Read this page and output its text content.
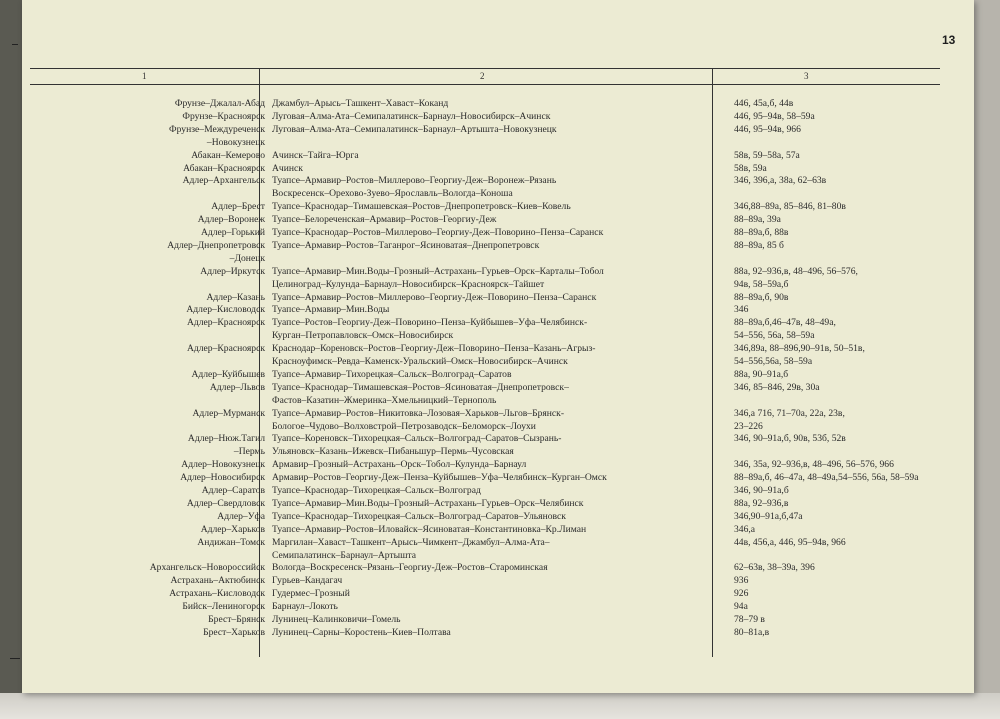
13
1	2	3
Фрунзе–Джалал-Абад Джамбул–Арысь–Ташкент–Хаваст–Коканд	446, 45а,б, 44в
Фрунзе–Красноярск Луговая–Алма-Ата–Семипалатинск–Барнаул–Новосибирск–Ачинск	446, 95–94в, 58–59а
Фрунзе–Междуреченск Луговая–Алма-Ата–Семипалатинск–Барнаул–Артышта–Новокузнецк	446, 95–94в, 966
–Новокузнецк
Абакан–Кемерово Ачинск–Тайга–Юрга	58в, 59–58а, 57а
Абакан–Красноярск Ачинск	58в, 59а
Адлер–Архангельск Туапсе–Армавир–Ростов–Миллерово–Георгиу-Деж–Воронеж–Рязань	346, 396,а, 38а, 62–63в
Воскресенск–Орехово-Зуево–Ярославль–Вологда–Коноша
Адлер–Брест Туапсе–Краснодар–Тимашевская–Ростов–Днепропетровск–Киев–Ковель	346,88–89а, 85–846, 81–80в
Адлер–Воронеж Туапсе–Белореченская–Армавир–Ростов–Георгиу-Деж	88–89а, 39а
Адлер–Горький Туапсе–Краснодар–Ростов–Миллерово–Георгиу-Деж–Поворино–Пенза–Саранск	88–89а,б, 88в
Адлер–Днепропетровск Туапсе–Армавир–Ростов–Таганрог–Ясиноватая–Днепропетровск	88–89а, 85 б
–Донецк
Адлер–Иркутск Туапсе–Армавир–Мин.Воды–Грозный–Астрахань–Гурьев–Орск–Карталы–Тобол	88а, 92–936,в, 48–496, 56–576,
Целиноград–Кулунда–Барнаул–Новосибирск–Красноярск–Тайшет	94в, 58–59а,б
Адлер–Казань Туапсе–Армавир–Ростов–Миллерово–Георгиу-Деж–Поворино–Пенза–Саранск	88–89а,б, 90в
Адлер–Кисловодск Туапсе–Армавир–Мин.Воды	346
Адлер–Красноярск Туапсе–Ростов–Георгиу-Деж–Поворино–Пенза–Куйбышев–Уфа–Челябинск-	88–89а,б,46–47в, 48–49а,
Курган–Петропавловск–Омск–Новосибирск	54–556, 56а, 58–59а
Адлер–Красноярск Краснодар–Кореновск–Ростов–Георгиу-Деж–Поворино–Пенза–Казань–Агрыз-	346,89а, 88–896,90–91в, 50–51в,
Красноуфимск–Ревда–Каменск-Уральский–Омск–Новосибирск–Ачинск	54–556,56а, 58–59а
Адлер–Куйбышев Туапсе–Армавир–Тихорецкая–Сальск–Волгоград–Саратов	88а, 90–91а,б
Адлер–Львов Туапсе–Краснодар–Тимашевская–Ростов–Ясиноватая–Днепропетровск–	346, 85–846, 29в, 30а
Фастов–Казатин–Жмеринка–Хмельницкий–Тернополь
Адлер–Мурманск Туапсе–Армавир–Ростов–Никитовка–Лозовая–Харьков–Льгов–Брянск-	346,а 716, 71–70а, 22а, 23в,
Бологое–Чудово–Волховстрой–Петрозаводск–Беломорск–Лоухи	23–226
Адлер–Нюж.Тагил Туапсе–Кореновск–Тихорецкая–Сальск–Волгоград–Саратов–Сызрань-	346, 90–91а,б, 90в, 53б, 52в
–Пермь Ульяновск–Казань–Ижевск–Пибаньшур–Пермь–Чусовская
Адлер–Новокузнецк Армавир–Грозный–Астрахань–Орск–Тобол–Кулунда–Барнаул	346, 35а, 92–936,в, 48–496, 56–576, 966
Адлер–Новосибирск Армавир–Ростов–Георгиу-Деж–Пенза–Куйбышев–Уфа–Челябинск–Курган–Омск	88–89а,б, 46–47а, 48–49а,54–556, 56а, 58–59а
Адлер–Саратов Туапсе–Краснодар–Тихорецкая–Сальск–Волгоград	346, 90–91а,б
Адлер–Свердловск Туапсе–Армавир–Мин.Воды–Грозный–Астрахань–Гурьев–Орск–Челябинск	88а, 92–936,в
Адлер–Уфа Туапсе–Краснодар–Тихорецкая–Сальск–Волгоград–Саратов–Ульяновск	346,90–91а,б,47а
Адлер–Харьков Туапсе–Армавир–Ростов–Иловайск–Ясиноватая–Константиновка–Кр.Лиман	346,а
Андижан–Томск Маргилан–Хаваст–Ташкент–Арысь–Чимкент–Джамбул–Алма-Ата–	44в, 456,а, 446, 95–94в, 966
Семипалатинск–Барнаул–Артышта
Архангельск–Новороссийск Вологда–Воскресенск–Рязань–Георгиу-Деж–Ростов–Староминская	62–63в, 38–39а, 396
Астрахань–Актюбинск Гурьев–Кандагач	936
Астрахань–Кисловодск Гудермес–Грозный	926
Бийск–Лениногорск Барнаул–Локоть	94а
Брест–Брянск Лунинец–Калинковичи–Гомель	78–79 в
Брест–Харьков Лунинец–Сарны–Коростень–Киев–Полтава	80–81а,в
